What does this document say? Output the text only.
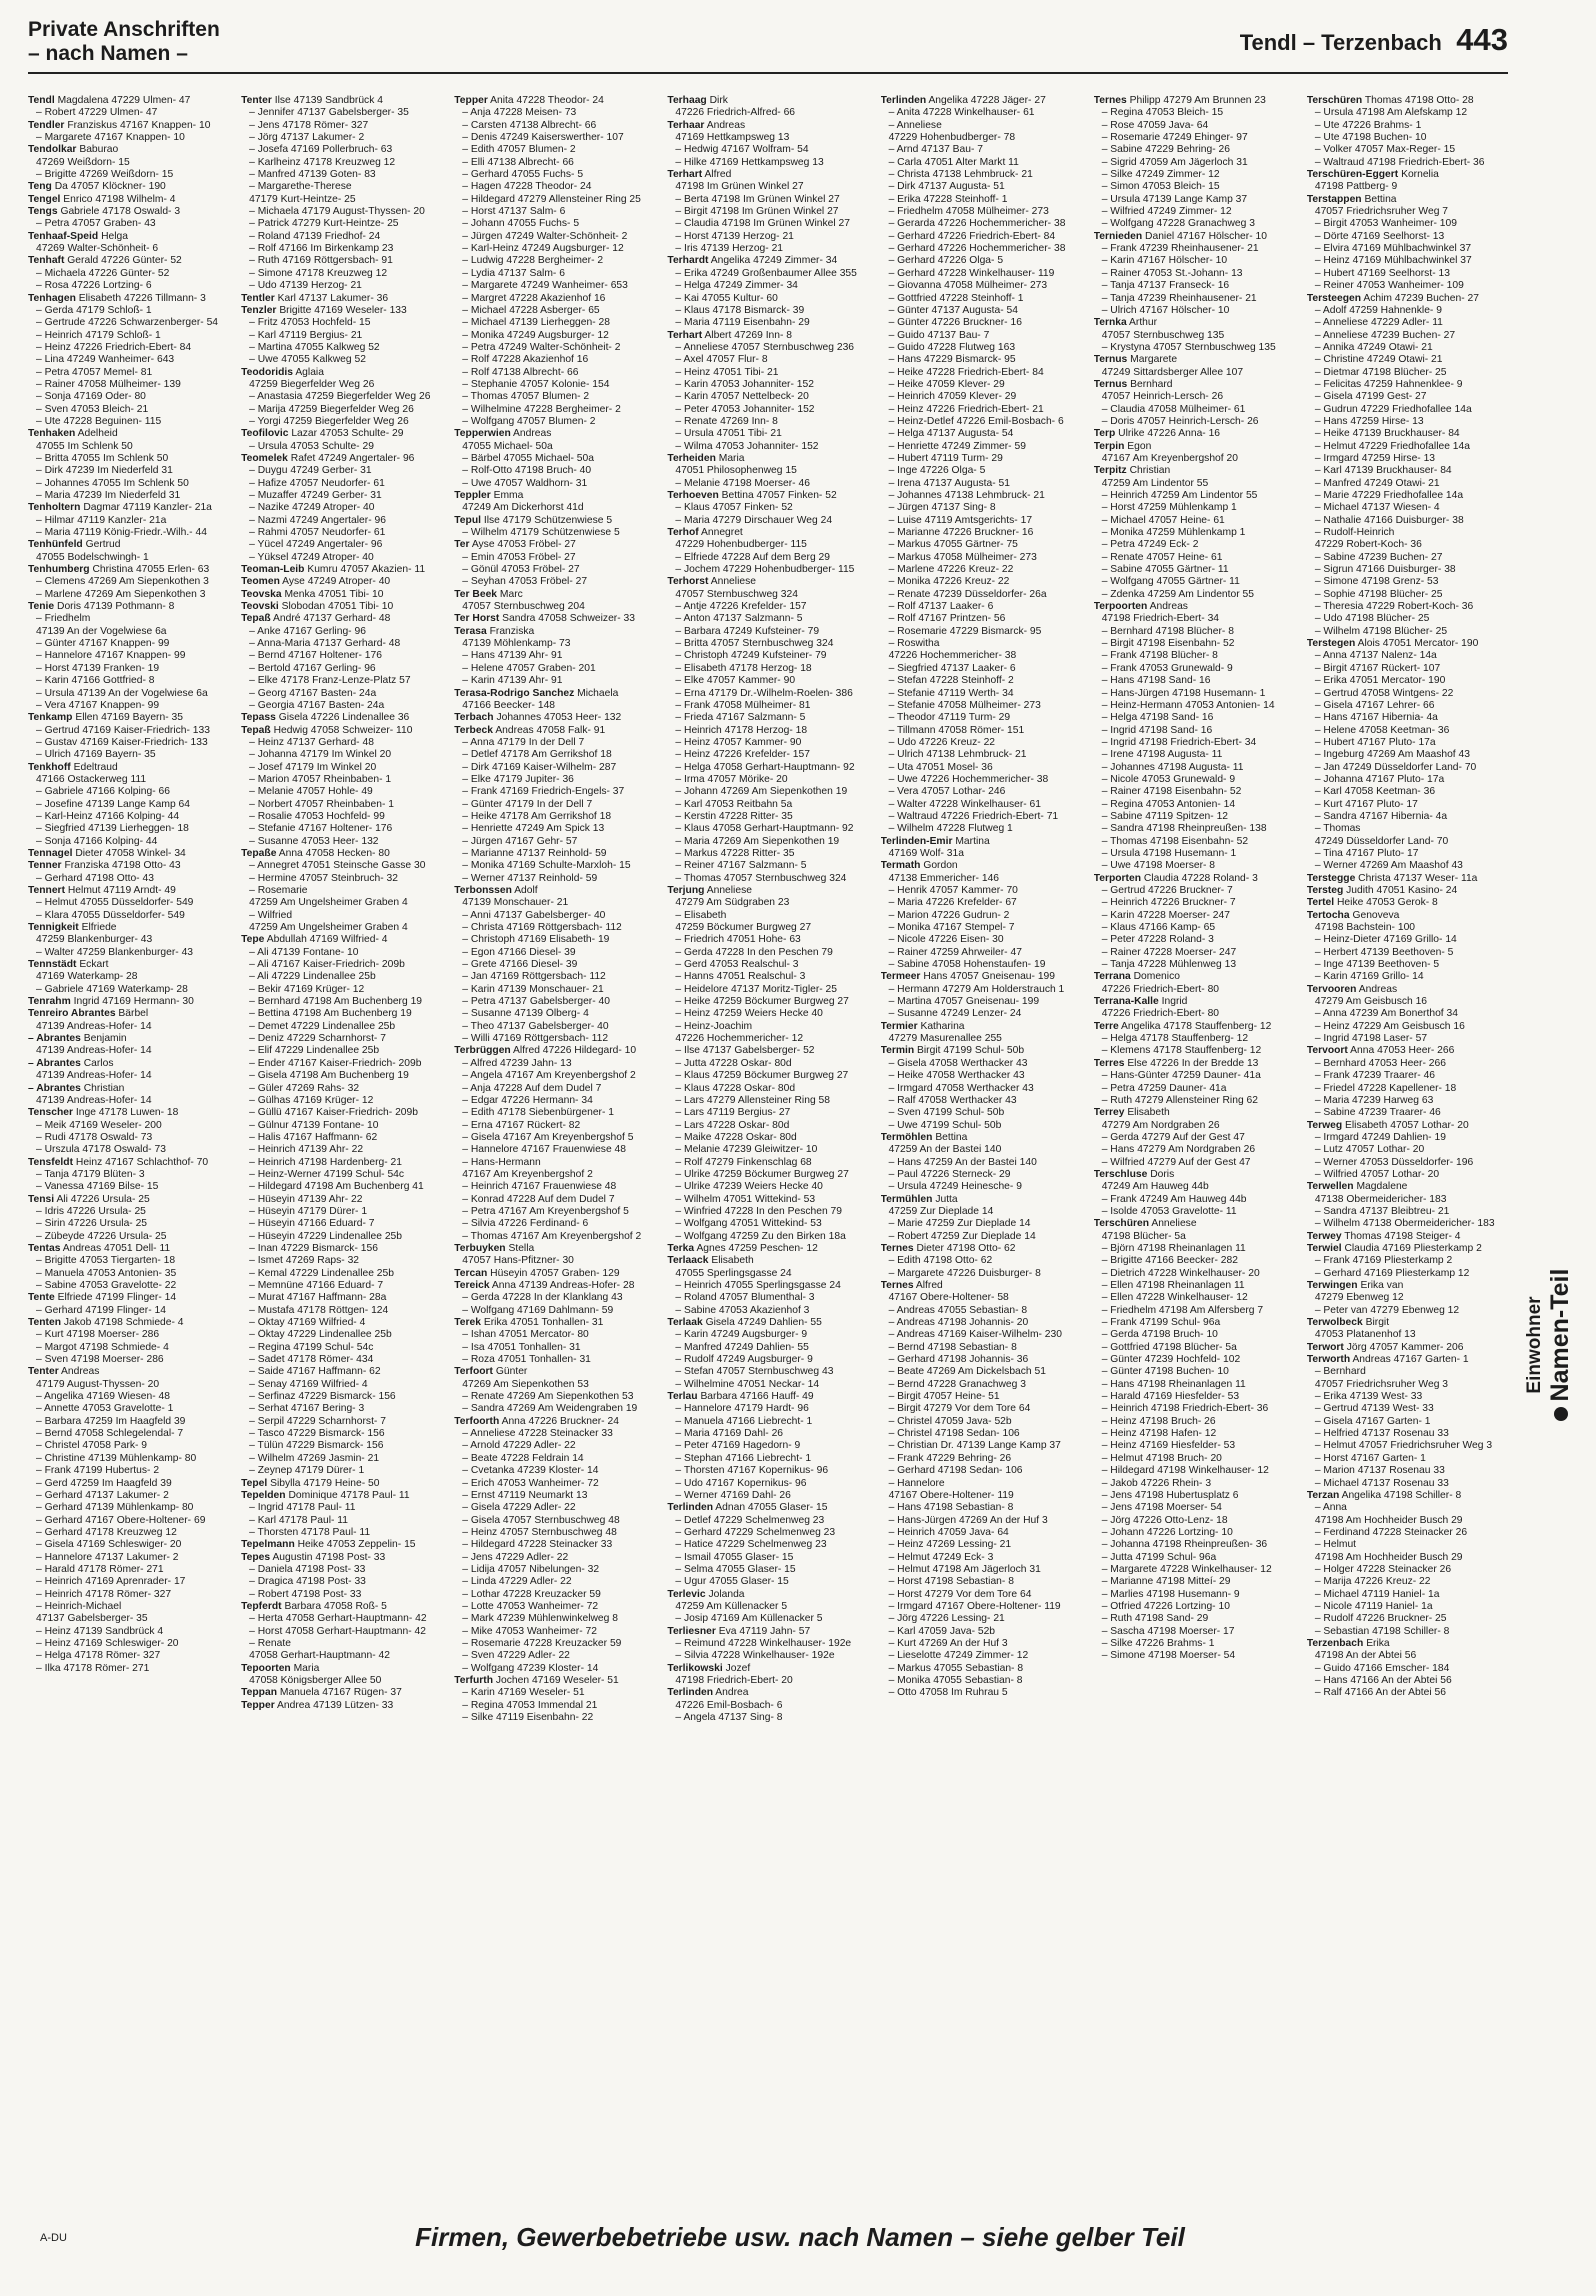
Private Anschriften
– nach Namen –	Tendl – Terzenbach 443
Tendl Magdalena 47229 Ulmen- 47
– Robert 47229 Ulmen- 47
Tendler Franziskus 47167 Knappen- 10
– Margarete 47167 Knappen- 10
Tendolkar Baburao
47269 Weißdorn- 15
– Brigitte 47269 Weißdorn- 15
Teng Da 47057 Klöckner- 190
Tengel Enrico 47198 Wilhelm- 4
Tengs Gabriele 47178 Oswald- 3
– Petra 47057 Graben- 43
Tenhaaf-Speid Helga
47269 Walter-Schönheit- 6
Tenhaft Gerald 47226 Günter- 52
– Michaela 47226 Günter- 52
– Rosa 47226 Lortzing- 6
Tenhagen Elisabeth 47226 Tillmann- 3
– Gerda 47179 Schloß- 1
– Gertrude 47226 Schwarzenberger- 54
– Heinrich 47179 Schloß- 1
– Heinz 47226 Friedrich-Ebert- 84
– Lina 47249 Wanheimer- 643
– Petra 47057 Memel- 81
– Rainer 47058 Mülheimer- 139
– Sonja 47169 Oder- 80
– Sven 47053 Bleich- 21
– Ute 47228 Beguinen- 115
Tenhaken Adelheid
47055 Im Schlenk 50
– Britta 47055 Im Schlenk 50
– Dirk 47239 Im Niederfeld 31
– Johannes 47055 Im Schlenk 50
– Maria 47239 Im Niederfeld 31
Tenholtern Dagmar 47119 Kanzler- 21a
– Hilmar 47119 Kanzler- 21a
– Maria 47119 König-Friedr.-Wilh.- 44
Tenhünfeld Gertrud
47055 Bodelschwingh- 1
Tenhumberg Christina 47055 Erlen- 63
– Clemens 47269 Am Siepenkothen 3
– Marlene 47269 Am Siepenkothen 3
Tenie Doris 47139 Pothmann- 8
– Friedhelm
47139 An der Vogelwiese 6a
– Günter 47167 Knappen- 99
– Hannelore 47167 Knappen- 99
– Horst 47139 Franken- 19
– Karin 47166 Gottfried- 8
– Ursula 47139 An der Vogelwiese 6a
– Vera 47167 Knappen- 99
Tenkamp Ellen 47169 Bayern- 35
– Gertrud 47169 Kaiser-Friedrich- 133
– Gustav 47169 Kaiser-Friedrich- 133
– Ulrich 47169 Bayern- 35
Tenkhoff Edeltraud
47166 Ostackerweg 111
– Gabriele 47166 Kolping- 66
– Josefine 47139 Lange Kamp 64
– Karl-Heinz 47166 Kolping- 44
– Siegfried 47139 Lierheggen- 18
– Sonja 47166 Kolping- 44
Tennagel Dieter 47058 Winkel- 34
Tenner Franziska 47198 Otto- 43
– Gerhard 47198 Otto- 43
Tennert Helmut 47119 Arndt- 49
– Helmut 47055 Düsseldorfer- 549
– Klara 47055 Düsseldorfer- 549
Tennigkeit Elfriede
47259 Blankenburger- 43
– Walter 47259 Blankenburger- 43
Tennstädt Eckart
47169 Waterkamp- 28
– Gabriele 47169 Waterkamp- 28
Tenrahm Ingrid 47169 Hermann- 30
Tenreiro Abrantes Bärbel
47139 Andreas-Hofer- 14
– Abrantes Benjamin
47139 Andreas-Hofer- 14
– Abrantes Carlos
47139 Andreas-Hofer- 14
– Abrantes Christian
47139 Andreas-Hofer- 14
Tenscher Inge 47178 Luwen- 18
– Meik 47169 Weseler- 200
– Rudi 47178 Oswald- 73
– Urszula 47178 Oswald- 73
Tensfeldt Heinz 47167 Schlachthof- 70
– Tanja 47179 Blüten- 3
– Vanessa 47169 Bilse- 15
Tensi Ali 47226 Ursula- 25
– Idris 47226 Ursula- 25
– Sirin 47226 Ursula- 25
– Zübeyde 47226 Ursula- 25
Tentas Andreas 47051 Dell- 11
– Brigitte 47053 Tiergarten- 18
– Manuela 47053 Antonien- 35
– Sabine 47053 Gravelotte- 22
Tente Elfriede 47199 Flinger- 14
– Gerhard 47199 Flinger- 14
Tenten Jakob 47198 Schmiede- 4
– Kurt 47198 Moerser- 286
– Margot 47198 Schmiede- 4
– Sven 47198 Moerser- 286
Tenter Andreas
47179 August-Thyssen- 20
– Angelika 47169 Wiesen- 48
– Annette 47053 Gravelotte- 1
– Barbara 47259 Im Haagfeld 39
– Bernd 47058 Schlegelendal- 7
– Christel 47058 Park- 9
– Christine 47139 Mühlenkamp- 80
– Frank 47199 Hubertus- 2
– Gerd 47259 Im Haagfeld 39
– Gerhard 47137 Lakumer- 2
– Gerhard 47139 Mühlenkamp- 80
– Gerhard 47167 Obere-Holtener- 69
– Gerhard 47178 Kreuzweg 12
– Gisela 47169 Schleswiger- 20
– Hannelore 47137 Lakumer- 2
– Harald 47178 Römer- 271
– Heinrich 47169 Aprenrader- 17
– Heinrich 47178 Römer- 327
– Heinrich-Michael
47137 Gabelsberger- 35
– Heinz 47139 Sandbrück 4
– Heinz 47169 Schleswiger- 20
– Helga 47178 Römer- 327
– Ilka 47178 Römer- 271
Tenter Ilse 47139 Sandbrück 4
– Jennifer 47137 Gabelsberger- 35
– Jens 47178 Römer- 327
– Jörg 47137 Lakumer- 2
– Josefa 47169 Pollerbruch- 63
– Karlheinz 47178 Kreuzweg 12
– Manfred 47139 Goten- 83
– Margarethe-Therese
47179 Kurt-Heintze- 25
– Michaela 47179 August-Thyssen- 20
– Patrick 47279 Kurt-Heintze- 25
– Roland 47139 Friedhof- 24
– Rolf 47166 Im Birkenkamp 23
– Ruth 47169 Röttgersbach- 91
– Simone 47178 Kreuzweg 12
– Udo 47139 Herzog- 21
Tentler Karl 47137 Lakumer- 36
Tenzler Brigitte 47169 Weseler- 133
– Fritz 47053 Hochfeld- 15
– Karl 47119 Bergius- 21
– Martina 47055 Kalkweg 52
– Uwe 47055 Kalkweg 52
Teodoridis Aglaia
47259 Biegerfelder Weg 26
– Anastasia 47259 Biegerfelder Weg 26
– Marija 47259 Biegerfelder Weg 26
– Yorgi 47259 Biegerfelder Weg 26
Teofilovic Lazar 47053 Schulte- 29
– Ursula 47053 Schulte- 29
Teomelek Rafet 47249 Angertaler- 96
– Duygu 47249 Gerber- 31
– Hafize 47057 Neudorfer- 61
– Muzaffer 47249 Gerber- 31
– Nazike 47249 Atroper- 40
– Nazmi 47249 Angertaler- 96
– Rahmi 47057 Neudorfer- 61
– Yücel 47249 Angertaler- 96
– Yüksel 47249 Atroper- 40
Teoman-Leib Kumru 47057 Akazien- 11
Teomen Ayse 47249 Atroper- 40
Teovska Menka 47051 Tibi- 10
Teovski Slobodan 47051 Tibi- 10
Tepaß André 47137 Gerhard- 48
– Anke 47167 Gerling- 96
– Anna-Maria 47137 Gerhard- 48
– Bernd 47167 Holtener- 176
– Bertold 47167 Gerling- 96
– Elke 47178 Franz-Lenze-Platz 57
– Georg 47167 Basten- 24a
– Georgia 47167 Basten- 24a
Tepass Gisela 47226 Lindenallee 36
Tepaß Hedwig 47058 Schweizer- 110
– Heinz 47137 Gerhard- 48
– Johanna 47179 Im Winkel 20
– Josef 47179 Im Winkel 20
– Marion 47057 Rheinbaben- 1
– Melanie 47057 Hohle- 49
– Norbert 47057 Rheinbaben- 1
– Rosalie 47053 Hochfeld- 99
– Stefanie 47167 Holtener- 176
– Susanne 47053 Heer- 132
Tepaße Anna 47058 Hecken- 80
– Annegret 47051 Steinsche Gasse 30
– Hermine 47057 Steinbruch- 32
– Rosemarie
47259 Am Ungelsheimer Graben 4
– Wilfried
47259 Am Ungelsheimer Graben 4
Tepe Abdullah 47169 Wilfried- 4
– Ali 47139 Fontane- 10
– Ali 47167 Kaiser-Friedrich- 209b
– Ali 47229 Lindenallee 25b
– Bekir 47169 Krüger- 12
– Bernhard 47198 Am Buchenberg 19
– Bettina 47198 Am Buchenberg 19
– Demet 47229 Lindenallee 25b
– Deniz 47229 Scharnhorst- 7
– Elif 47229 Lindenallee 25b
– Ender 47167 Kaiser-Friedrich- 209b
– Gisela 47198 Am Buchenberg 19
– Güler 47269 Rahs- 32
– Gülhas 47169 Krüger- 12
– Güllü 47167 Kaiser-Friedrich- 209b
– Gülnur 47139 Fontane- 10
– Halis 47167 Haffmann- 62
– Heinrich 47139 Ahr- 22
– Heinrich 47198 Hardenberg- 21
– Heinz-Werner 47199 Schul- 54c
– Hildegard 47198 Am Buchenberg 41
– Hüseyin 47139 Ahr- 22
– Hüseyin 47179 Dürer- 1
– Hüseyin 47166 Eduard- 7
– Hüseyin 47229 Lindenallee 25b
– Inan 47229 Bismarck- 156
– Ismet 47269 Raps- 32
– Kemal 47229 Lindenallee 25b
– Memnüne 47166 Eduard- 7
– Murat 47167 Haffmann- 28a
– Mustafa 47178 Röttgen- 124
– Oktay 47169 Wilfried- 4
– Öktay 47229 Lindenallee 25b
– Regina 47199 Schul- 54c
– Sadet 47178 Römer- 434
– Saide 47167 Haffmann- 62
– Senay 47169 Wilfried- 4
– Serfinaz 47229 Bismarck- 156
– Serhat 47167 Bering- 3
– Serpil 47229 Scharnhorst- 7
– Tasco 47229 Bismarck- 156
– Tülün 47229 Bismarck- 156
– Wilhelm 47269 Jasmin- 21
– Zeynep 47179 Dürer- 1
Tepel Sibylla 47179 Heine- 50
Tepelden Dominique 47178 Paul- 11
– Ingrid 47178 Paul- 11
– Karl 47178 Paul- 11
– Thorsten 47178 Paul- 11
Tepelmann Heike 47053 Zeppelin- 15
Tepes Augustin 47198 Post- 33
– Daniela 47198 Post- 33
– Dragica 47198 Post- 33
– Robert 47198 Post- 33
Tepferdt Barbara 47058 Roß- 5
– Herta 47058 Gerhart-Hauptmann- 42
– Horst 47058 Gerhart-Hauptmann- 42
– Renate
47058 Gerhart-Hauptmann- 42
Tepoorten Maria
47058 Königsberger Allee 50
Teppan Manuela 47167 Rügen- 37
Tepper Andrea 47139 Lützen- 33
Tepper Anita 47228 Theodor- 24
– Anja 47228 Meisen- 73
– Carsten 47138 Albrecht- 66
– Denis 47249 Kaiserswerther- 107
– Edith 47057 Blumen- 2
– Elli 47138 Albrecht- 66
– Gerhard 47055 Fuchs- 5
– Hagen 47228 Theodor- 24
– Hildegard 47279 Allensteiner Ring 25
– Horst 47137 Salm- 6
– Johann 47055 Fuchs- 5
– Jürgen 47249 Walter-Schönheit- 2
– Karl-Heinz 47249 Augsburger- 12
– Ludwig 47228 Bergheimer- 2
– Lydia 47137 Salm- 6
– Margarete 47249 Wanheimer- 653
– Margret 47228 Akazienhof 16
– Michael 47228 Asberger- 65
– Michael 47139 Lierheggen- 28
– Monika 47249 Augsburger- 12
– Petra 47249 Walter-Schönheit- 2
– Rolf 47228 Akazienhof 16
– Rolf 47138 Albrecht- 66
– Stephanie 47057 Kolonie- 154
– Thomas 47057 Blumen- 2
– Wilhelmine 47228 Bergheimer- 2
– Wolfgang 47057 Blumen- 2
Tepperwien Andreas
47055 Michael- 50a
– Bärbel 47055 Michael- 50a
– Rolf-Otto 47198 Bruch- 40
– Uwe 47057 Waldhorn- 31
Teppler Emma
47249 Am Dickerhorst 41d
Tepul Ilse 47179 Schützenwiese 5
– Wilhelm 47179 Schützenwiese 5
Ter Ayse 47053 Fröbel- 27
– Emin 47053 Fröbel- 27
– Gönül 47053 Fröbel- 27
– Seyhan 47053 Fröbel- 27
Ter Beek Marc
47057 Sternbuschweg 204
Ter Horst Sandra 47058 Schweizer- 33
Terasa Franziska
47139 Möhlenkamp- 73
– Hans 47139 Ahr- 91
– Helene 47057 Graben- 201
– Karin 47139 Ahr- 91
Terasa-Rodrigo Sanchez Michaela
47166 Beecker- 148
Terbach Johannes 47053 Heer- 132
Terbeck Andreas 47058 Falk- 91
– Anna 47179 In der Dell 7
– Detlef 47178 Am Gerrikshof 18
– Dirk 47169 Kaiser-Wilhelm- 287
– Elke 47179 Jupiter- 36
– Frank 47169 Friedrich-Engels- 37
– Günter 47179 In der Dell 7
– Heike 47178 Am Gerrikshof 18
– Henriette 47249 Am Spick 13
– Jürgen 47167 Gehr- 57
– Marianne 47137 Reinhold- 59
– Monika 47169 Schulte-Marxloh- 15
– Werner 47137 Reinhold- 59
Terbonssen Adolf
47139 Monschauer- 21
– Anni 47137 Gabelsberger- 40
– Christa 47169 Röttgersbach- 112
– Christoph 47169 Elisabeth- 19
– Egon 47166 Diesel- 39
– Grete 47166 Diesel- 39
– Jan 47169 Röttgersbach- 112
– Karin 47139 Monschauer- 21
– Petra 47137 Gabelsberger- 40
– Susanne 47139 Ölberg- 4
– Theo 47137 Gabelsberger- 40
– Willi 47169 Röttgersbach- 112
Terbrüggen Alfred 47226 Hildegard- 10
– Alfred 47239 Jahn- 13
– Angela 47167 Am Kreyenbergshof 2
– Anja 47228 Auf dem Dudel 7
– Edgar 47226 Hermann- 34
– Edith 47178 Siebenbürgener- 1
– Erna 47167 Rückert- 82
– Gisela 47167 Am Kreyenbergshof 5
– Hannelore 47167 Frauenwiese 48
– Hans-Hermann
47167 Am Kreyenbergshof 2
– Heinrich 47167 Frauenwiese 48
– Konrad 47228 Auf dem Dudel 7
– Petra 47167 Am Kreyenbergshof 5
– Silvia 47226 Ferdinand- 6
– Thomas 47167 Am Kreyenbergshof 2
Terbuyken Stella
47057 Hans-Pfitzner- 30
Tercan Hüseyin 47057 Graben- 129
Tereick Anna 47139 Andreas-Hofer- 28
– Gerda 47228 In der Klanklang 43
– Wolfgang 47169 Dahlmann- 59
Terek Erika 47051 Tonhallen- 31
– Ishan 47051 Mercator- 80
– Isa 47051 Tonhallen- 31
– Roza 47051 Tonhallen- 31
Terfoort Günter
47269 Am Siepenkothen 53
– Renate 47269 Am Siepenkothen 53
– Sandra 47269 Am Weidengraben 19
Terfoorth Anna 47226 Bruckner- 24
– Anneliese 47228 Steinacker 33
– Arnold 47229 Adler- 22
– Beate 47228 Feldrain 14
– Cvetanka 47239 Kloster- 14
– Erich 47053 Wanheimer- 72
– Ernst 47119 Neumarkt 13
– Gisela 47229 Adler- 22
– Gisela 47057 Sternbuschweg 48
– Heinz 47057 Sternbuschweg 48
– Hildegard 47228 Steinacker 33
– Jens 47229 Adler- 22
– Lidija 47057 Nibelungen- 32
– Linda 47229 Adler- 22
– Lothar 47228 Kreuzacker 59
– Lotte 47053 Wanheimer- 72
– Mark 47239 Mühlenwinkelweg 8
– Mike 47053 Wanheimer- 72
– Rosemarie 47228 Kreuzacker 59
– Sven 47229 Adler- 22
– Wolfgang 47239 Kloster- 14
Terfurth Jochen 47169 Weseler- 51
– Karin 47169 Weseler- 51
– Regina 47053 Immendal 21
– Silke 47119 Eisenbahn- 22
Terhaag Dirk
47226 Friedrich-Alfred- 66
Terhaar Andreas
47169 Hettkampsweg 13
– Hedwig 47167 Wolfram- 54
– Hilke 47169 Hettkampsweg 13
Terhart Alfred
47198 Im Grünen Winkel 27
– Berta 47198 Im Grünen Winkel 27
– Birgit 47198 Im Grünen Winkel 27
– Claudia 47198 Im Grünen Winkel 27
– Horst 47139 Herzog- 21
– Iris 47139 Herzog- 21
Terhardt Angelika 47249 Zimmer- 34
– Erika 47249 Großenbaumer Allee 355
– Helga 47249 Zimmer- 34
– Kai 47055 Kultur- 60
– Klaus 47178 Bismarck- 39
– Maria 47119 Eisenbahn- 29
Terhart Albert 47269 Inn- 8
– Anneliese 47057 Sternbuschweg 236
– Axel 47057 Flur- 8
– Heinz 47051 Tibi- 21
– Karin 47053 Johanniter- 152
– Karin 47057 Nettelbeck- 20
– Peter 47053 Johanniter- 152
– Renate 47269 Inn- 8
– Ursula 47051 Tibi- 21
– Wilma 47053 Johanniter- 152
Terheiden Maria
47051 Philosophenweg 15
– Melanie 47198 Moerser- 46
Terhoeven Bettina 47057 Finken- 52
– Klaus 47057 Finken- 52
– Maria 47279 Dirschauer Weg 24
Terhof Annegret
47229 Hohenbudberger- 115
– Elfriede 47228 Auf dem Berg 29
– Jochem 47229 Hohenbudberger- 115
Terhorst Anneliese
47057 Sternbuschweg 324
– Antje 47226 Krefelder- 157
– Anton 47137 Salzmann- 5
– Barbara 47249 Kufsteiner- 79
– Britta 47057 Sternbuschweg 324
– Christoph 47249 Kufsteiner- 79
– Elisabeth 47178 Herzog- 18
– Elke 47057 Kammer- 90
– Erna 47179 Dr.-Wilhelm-Roelen- 386
– Frank 47058 Mülheimer- 81
– Frieda 47167 Salzmann- 5
– Heinrich 47178 Herzog- 18
– Heinz 47057 Kammer- 90
– Heinz 47226 Krefelder- 157
– Helga 47058 Gerhart-Hauptmann- 92
– Irma 47057 Mörike- 20
– Johann 47269 Am Siepenkothen 19
– Karl 47053 Reitbahn 5a
– Kerstin 47228 Ritter- 35
– Klaus 47058 Gerhart-Hauptmann- 92
– Maria 47269 Am Siepenkothen 19
– Markus 47228 Ritter- 35
– Reiner 47167 Salzmann- 5
– Thomas 47057 Sternbuschweg 324
Terjung Anneliese
47279 Am Südgraben 23
– Elisabeth
47259 Böckumer Burgweg 27
– Friedrich 47051 Hohe- 63
– Gerda 47228 In den Peschen 79
– Gerd 47053 Realschul- 3
– Hanns 47051 Realschul- 3
– Heidelore 47137 Moritz-Tigler- 25
– Heike 47259 Böckumer Burgweg 27
– Heinz 47259 Weiers Hecke 40
– Heinz-Joachim
47226 Hochemmericher- 12
– Ilse 47137 Gabelsberger- 52
– Jutta 47228 Oskar- 80d
– Klaus 47259 Böckumer Burgweg 27
– Klaus 47228 Oskar- 80d
– Lars 47279 Allensteiner Ring 58
– Lars 47119 Bergius- 27
– Lars 47228 Oskar- 80d
– Maike 47228 Oskar- 80d
– Melanie 47239 Gleiwitzer- 10
– Rolf 47279 Finkenschlag 68
– Ulrike 47259 Böckumer Burgweg 27
– Ulrike 47239 Weiers Hecke 40
– Wilhelm 47051 Wittekind- 53
– Winfried 47228 In den Peschen 79
– Wolfgang 47051 Wittekind- 53
– Wolfgang 47259 Zu den Birken 18a
Terka Agnes 47259 Peschen- 12
Terlaack Elisabeth
47055 Sperlingsgasse 24
– Heinrich 47055 Sperlingsgasse 24
– Roland 47057 Blumenthal- 3
– Sabine 47053 Akazienhof 3
Terlaak Gisela 47249 Dahlien- 55
– Karin 47249 Augsburger- 9
– Manfred 47249 Dahlien- 55
– Rudolf 47249 Augsburger- 9
– Stefan 47057 Sternbuschweg 43
– Wilhelmine 47051 Neckar- 14
Terlau Barbara 47166 Hauff- 49
– Hannelore 47179 Hardt- 96
– Manuela 47166 Liebrecht- 1
– Maria 47169 Dahl- 26
– Peter 47169 Hagedorn- 9
– Stephan 47166 Liebrecht- 1
– Thorsten 47167 Kopernikus- 96
– Udo 47167 Kopernikus- 96
– Werner 47169 Dahl- 26
Terlinden Adnan 47055 Glaser- 15
– Detlef 47229 Schelmenweg 23
– Gerhard 47229 Schelmenweg 23
– Hatice 47229 Schelmenweg 23
– Ismail 47055 Glaser- 15
– Selma 47055 Glaser- 15
– Ugur 47055 Glaser- 15
Terlevic Jolanda
47259 Am Küllenacker 5
– Josip 47169 Am Küllenacker 5
Terliesner Eva 47119 Jahn- 57
– Reimund 47228 Winkelhauser- 192e
– Silvia 47228 Winkelhauser- 192e
Terlikowski Jozef
47198 Friedrich-Ebert- 20
Terlinden Andrea
47226 Emil-Bosbach- 6
– Angela 47137 Sing- 8
Terlinden Angelika 47228 Jäger- 27
– Anita 47228 Winkelhauser- 61
– Anneliese
47229 Hohenbudberger- 78
– Arnd 47137 Bau- 7
– Carla 47051 Alter Markt 11
– Christa 47138 Lehmbruck- 21
– Dirk 47137 Augusta- 51
– Erika 47228 Steinhoff- 1
– Friedhelm 47058 Mülheimer- 273
– Gerarda 47226 Hochemmericher- 38
– Gerhard 47226 Friedrich-Ebert- 84
– Gerhard 47226 Hochemmericher- 38
– Gerhard 47226 Olga- 5
– Gerhard 47228 Winkelhauser- 119
– Giovanna 47058 Mülheimer- 273
– Gottfried 47228 Steinhoff- 1
– Günter 47137 Augusta- 54
– Günter 47226 Bruckner- 16
– Guido 47137 Bau- 7
– Guido 47228 Flutweg 163
– Hans 47229 Bismarck- 95
– Heike 47228 Friedrich-Ebert- 84
– Heike 47059 Klever- 29
– Heinrich 47059 Klever- 29
– Heinz 47226 Friedrich-Ebert- 21
– Heinz-Detlef 47226 Emil-Bosbach- 6
– Helga 47137 Augusta- 54
– Henriette 47249 Zimmer- 59
– Hubert 47119 Turm- 29
– Inge 47226 Olga- 5
– Irena 47137 Augusta- 51
– Johannes 47138 Lehmbruck- 21
– Jürgen 47137 Sing- 8
– Luise 47119 Amtsgerichts- 17
– Marianne 47226 Bruckner- 16
– Markus 47055 Gärtner- 75
– Markus 47058 Mülheimer- 273
– Marlene 47226 Kreuz- 22
– Monika 47226 Kreuz- 22
– Renate 47239 Düsseldorfer- 26a
– Rolf 47137 Laaker- 6
– Rolf 47167 Printzen- 56
– Rosemarie 47229 Bismarck- 95
– Roswitha
47226 Hochemmericher- 38
– Siegfried 47137 Laaker- 6
– Stefan 47228 Steinhoff- 2
– Stefanie 47119 Werth- 34
– Stefanie 47058 Mülheimer- 273
– Theodor 47119 Turm- 29
– Tillmann 47058 Römer- 151
– Udo 47226 Kreuz- 22
– Ulrich 47138 Lehmbruck- 21
– Uta 47051 Mosel- 36
– Uwe 47226 Hochemmericher- 38
– Vera 47057 Lothar- 246
– Walter 47228 Winkelhauser- 61
– Waltraud 47226 Friedrich-Ebert- 71
– Wilhelm 47228 Flutweg 1
Terlinden-Emir Martina
47169 Wolf- 31a
Termath Gordon
47138 Emmericher- 146
– Henrik 47057 Kammer- 70
– Maria 47226 Krefelder- 67
– Marion 47226 Gudrun- 2
– Monika 47167 Stempel- 7
– Nicole 47226 Eisen- 30
– Rainer 47259 Ahrweiler- 47
– Sabine 47058 Hohenstaufen- 19
Termeer Hans 47057 Gneisenau- 199
– Hermann 47279 Am Holderstrauch 1
– Martina 47057 Gneisenau- 199
– Susanne 47249 Lenzer- 24
Termier Katharina
47279 Masurenallee 255
Termin Birgit 47199 Schul- 50b
– Gisela 47058 Werthacker 43
– Heike 47058 Werthacker 43
– Irmgard 47058 Werthacker 43
– Ralf 47058 Werthacker 43
– Sven 47199 Schul- 50b
– Uwe 47199 Schul- 50b
Termöhlen Bettina
47259 An der Bastei 140
– Hans 47259 An der Bastei 140
– Paul 47226 Sterneck- 29
– Ursula 47249 Heinesche- 9
Termühlen Jutta
47259 Zur Dieplade 14
– Marie 47259 Zur Dieplade 14
– Robert 47259 Zur Dieplade 14
Ternes Dieter 47198 Otto- 62
– Edith 47198 Otto- 62
– Margarete 47226 Duisburger- 8
Ternes Alfred
47167 Obere-Holtener- 58
– Andreas 47055 Sebastian- 8
– Andreas 47198 Johannis- 20
– Andreas 47169 Kaiser-Wilhelm- 230
– Bernd 47198 Sebastian- 8
– Gerhard 47198 Johannis- 36
– Beate 47269 Am Dickelsbach 51
– Bernd 47228 Granachweg 3
– Birgit 47057 Heine- 51
– Birgit 47279 Vor dem Tore 64
– Christel 47059 Java- 52b
– Christel 47198 Sedan- 106
– Christian Dr. 47139 Lange Kamp 37
– Frank 47229 Behring- 26
– Gerhard 47198 Sedan- 106
– Hannelore
47167 Obere-Holtener- 119
– Hans 47198 Sebastian- 8
– Hans-Jürgen 47269 An der Huf 3
– Heinrich 47059 Java- 64
– Heinz 47269 Lessing- 21
– Helmut 47249 Eck- 3
– Helmut 47198 Am Jägerloch 31
– Horst 47198 Sebastian- 8
– Horst 47279 Vor dem Tore 64
– Irmgard 47167 Obere-Holtener- 119
– Jörg 47226 Lessing- 21
– Karl 47059 Java- 52b
– Kurt 47269 An der Huf 3
– Lieselotte 47249 Zimmer- 12
– Markus 47055 Sebastian- 8
– Monika 47055 Sebastian- 8
– Otto 47058 Im Ruhrau 5
Ternes Philipp 47279 Am Brunnen 23
– Regina 47053 Bleich- 15
– Rose 47059 Java- 64
– Rosemarie 47249 Ehinger- 97
– Sabine 47229 Behring- 26
– Sigrid 47059 Am Jägerloch 31
– Silke 47249 Zimmer- 12
– Simon 47053 Bleich- 15
– Ursula 47139 Lange Kamp 37
– Wilfried 47249 Zimmer- 12
– Wolfgang 47228 Granachweg 3
Ternieden Daniel 47167 Hölscher- 10
– Frank 47239 Rheinhausener- 21
– Karin 47167 Hölscher- 10
– Rainer 47053 St.-Johann- 13
– Tanja 47137 Franseck- 16
– Tanja 47239 Rheinhausener- 21
– Ulrich 47167 Hölscher- 10
Ternka Arthur
47057 Sternbuschweg 135
– Krystyna 47057 Sternbuschweg 135
Ternus Margarete
47249 Sittardsberger Allee 107
Ternus Bernhard
47057 Heinrich-Lersch- 26
– Claudia 47058 Mülheimer- 61
– Doris 47057 Heinrich-Lersch- 26
Terp Ulrike 47226 Anna- 16
Terpin Egon
47167 Am Kreyenbergshof 20
Terpitz Christian
47259 Am Lindentor 55
– Heinrich 47259 Am Lindentor 55
– Horst 47259 Mühlenkamp 1
– Michael 47057 Heine- 61
– Monika 47259 Mühlenkamp 1
– Petra 47249 Eck- 2
– Renate 47057 Heine- 61
– Sabine 47055 Gärtner- 11
– Wolfgang 47055 Gärtner- 11
– Zdenka 47259 Am Lindentor 55
Terpoorten Andreas
47198 Friedrich-Ebert- 34
– Bernhard 47198 Blücher- 8
– Birgit 47198 Eisenbahn- 52
– Frank 47198 Blücher- 8
– Frank 47053 Grunewald- 9
– Hans 47198 Sand- 16
– Hans-Jürgen 47198 Husemann- 1
– Heinz-Hermann 47053 Antonien- 14
– Helga 47198 Sand- 16
– Ingrid 47198 Sand- 16
– Ingrid 47198 Friedrich-Ebert- 34
– Irene 47198 Augusta- 11
– Johannes 47198 Augusta- 11
– Nicole 47053 Grunewald- 9
– Rainer 47198 Eisenbahn- 52
– Regina 47053 Antonien- 14
– Sabine 47119 Spitzen- 12
– Sandra 47198 Rheinpreußen- 138
– Thomas 47198 Eisenbahn- 52
– Ursula 47198 Husemann- 1
– Uwe 47198 Moerser- 8
Terporten Claudia 47228 Roland- 3
– Gertrud 47226 Bruckner- 7
– Heinrich 47226 Bruckner- 7
– Karin 47228 Moerser- 247
– Klaus 47166 Kamp- 65
– Peter 47228 Roland- 3
– Rainer 47228 Moerser- 247
– Tanja 47228 Mühlenweg 13
Terrana Domenico
47226 Friedrich-Ebert- 80
Terrana-Kalle Ingrid
47226 Friedrich-Ebert- 80
Terre Angelika 47178 Stauffenberg- 12
– Helga 47178 Stauffenberg- 12
– Klemens 47178 Stauffenberg- 12
Terres Else 47226 In der Bredde 13
– Hans-Günter 47259 Dauner- 41a
– Petra 47259 Dauner- 41a
– Ruth 47279 Allensteiner Ring 62
Terrey Elisabeth
47279 Am Nordgraben 26
– Gerda 47279 Auf der Gest 47
– Hans 47279 Am Nordgraben 26
– Wilfried 47279 Auf der Gest 47
Terschluse Doris
47249 Am Hauweg 44b
– Frank 47249 Am Hauweg 44b
– Isolde 47053 Gravelotte- 11
Terschüren Anneliese
47198 Blücher- 5a
– Björn 47198 Rheinanlagen 11
– Brigitte 47166 Beecker- 282
– Dietrich 47228 Winkelhauser- 20
– Ellen 47198 Rheinanlagen 11
– Ellen 47228 Winkelhauser- 12
– Friedhelm 47198 Am Alfersberg 7
– Frank 47199 Schul- 96a
– Gerda 47198 Bruch- 10
– Gottfried 47198 Blücher- 5a
– Günter 47239 Hochfeld- 102
– Günter 47198 Buchen- 10
– Hans 47198 Rheinanlagen 11
– Harald 47169 Hiesfelder- 53
– Heinrich 47198 Friedrich-Ebert- 36
– Heinz 47198 Bruch- 26
– Heinz 47198 Hafen- 12
– Heinz 47169 Hiesfelder- 53
– Helmut 47198 Bruch- 20
– Hildegard 47198 Winkelhauser- 12
– Jakob 47226 Rhein- 3
– Jens 47198 Hubertusplatz 6
– Jens 47198 Moerser- 54
– Jörg 47226 Otto-Lenz- 18
– Johann 47226 Lortzing- 10
– Johanna 47198 Rheinpreußen- 36
– Jutta 47199 Schul- 96a
– Margarete 47228 Winkelhauser- 12
– Marianne 47198 Mitteí- 29
– Marlies 47198 Husemann- 9
– Otfried 47226 Lortzing- 10
– Ruth 47198 Sand- 29
– Sascha 47198 Moerser- 17
– Silke 47226 Brahms- 1
– Simone 47198 Moerser- 54
Terschüren Thomas 47198 Otto- 28
– Ursula 47198 Am Alefskamp 12
– Ute 47226 Brahms- 1
– Ute 47198 Buchen- 10
– Volker 47057 Max-Reger- 15
– Waltraud 47198 Friedrich-Ebert- 36
Terschüren-Eggert Kornelia
47198 Pattberg- 9
Terstappen Bettina
47057 Friedrichsruher Weg 7
– Birgit 47053 Wanheimer- 109
– Dörte 47169 Seelhorst- 13
– Elvira 47169 Mühlbachwinkel 37
– Heinz 47169 Mühlbachwinkel 37
– Hubert 47169 Seelhorst- 13
– Reiner 47053 Wanheimer- 109
Tersteegen Achim 47239 Buchen- 27
– Adolf 47259 Hahnenkle- 9
– Anneliese 47229 Adler- 11
– Anneliese 47239 Buchen- 27
– Annika 47249 Otawi- 21
– Christine 47249 Otawi- 21
– Dietmar 47198 Blücher- 25
– Felicitas 47259 Hahnenklee- 9
– Gisela 47199 Gest- 27
– Gudrun 47229 Friedhofallee 14a
– Hans 47259 Hirse- 13
– Heike 47139 Bruckhauser- 84
– Helmut 47229 Friedhofallee 14a
– Irmgard 47259 Hirse- 13
– Karl 47139 Bruckhauser- 84
– Manfred 47249 Otawi- 21
– Marie 47229 Friedhofallee 14a
– Michael 47137 Wiesen- 4
– Nathalie 47166 Duisburger- 38
– Rudolf-Heinrich
47229 Robert-Koch- 36
– Sabine 47239 Buchen- 27
– Sigrun 47166 Duisburger- 38
– Simone 47198 Grenz- 53
– Sophie 47198 Blücher- 25
– Theresia 47229 Robert-Koch- 36
– Udo 47198 Blücher- 25
– Wilhelm 47198 Blücher- 25
Terstegen Alois 47051 Mercator- 190
– Anna 47137 Nalenz- 14a
– Birgit 47167 Rückert- 107
– Erika 47051 Mercator- 190
– Gertrud 47058 Wintgens- 22
– Gisela 47167 Lehrer- 66
– Hans 47167 Hibernia- 4a
– Helene 47058 Keetman- 36
– Hubert 47167 Pluto- 17a
– Ingeburg 47269 Am Maashof 43
– Jan 47249 Düsseldorfer Land- 70
– Johanna 47167 Pluto- 17a
– Karl 47058 Keetman- 36
– Kurt 47167 Pluto- 17
– Sandra 47167 Hibernia- 4a
– Thomas
47249 Düsseldorfer Land- 70
– Tina 47167 Pluto- 17
– Werner 47269 Am Maashof 43
Terstegge Christa 47137 Weser- 11a
Tersteg Judith 47051 Kasino- 24
Tertel Heike 47053 Gerok- 8
Tertocha Genoveva
47198 Bachstein- 100
– Heinz-Dieter 47169 Grillo- 14
– Herbert 47139 Beethoven- 5
– Inge 47139 Beethoven- 5
– Karin 47169 Grillo- 14
Tervooren Andreas
47279 Am Geisbusch 16
– Anna 47239 Am Bonerthof 34
– Heinz 47229 Am Geisbusch 16
– Ingrid 47198 Laser- 57
Tervoort Anna 47053 Heer- 266
– Bernhard 47053 Heer- 266
– Frank 47239 Traarer- 46
– Friedel 47228 Kapellener- 18
– Maria 47239 Harweg 63
– Sabine 47239 Traarer- 46
Terweg Elisabeth 47057 Lothar- 20
– Irmgard 47249 Dahlien- 19
– Lutz 47057 Lothar- 20
– Werner 47053 Düsseldorfer- 196
– Wilfried 47057 Lothar- 20
Terwellen Magdalene
47138 Obermeidericher- 183
– Sandra 47137 Bleibtreu- 21
– Wilhelm 47138 Obermeidericher- 183
Terwey Thomas 47198 Steiger- 4
Terwiel Claudia 47169 Pliesterkamp 2
– Frank 47169 Pliesterkamp 2
– Gerhard 47169 Pliesterkamp 12
Terwingen Erika van
47279 Ebenweg 12
– Peter van 47279 Ebenweg 12
Terwolbeck Birgit
47053 Platanenhof 13
Terwort Jörg 47057 Kammer- 206
Terworth Andreas 47167 Garten- 1
– Bernhard
47057 Friedrichsruher Weg 3
– Erika 47139 West- 33
– Gertrud 47139 West- 33
– Gisela 47167 Garten- 1
– Helfried 47137 Rosenau 33
– Helmut 47057 Friedrichsruher Weg 3
– Horst 47167 Garten- 1
– Marion 47137 Rosenau 33
– Michael 47137 Rosenau 33
Terzan Angelika 47198 Schiller- 8
– Anna
47198 Am Hochheider Busch 29
– Ferdinand 47228 Steinacker 26
– Helmut
47198 Am Hochheider Busch 29
– Holger 47228 Steinacker 26
– Marija 47226 Kreuz- 22
– Michael 47119 Haniel- 1a
– Nicole 47119 Haniel- 1a
– Rudolf 47226 Bruckner- 25
– Sebastian 47198 Schiller- 8
Terzenbach Erika
47198 An der Abtei 56
– Guido 47166 Emscher- 184
– Hans 47166 An der Abtei 56
– Ralf 47166 An der Abtei 56
Einwohner Namen-Teil
A-DU	Firmen, Gewerbebetriebe usw. nach Namen – siehe gelber Teil
